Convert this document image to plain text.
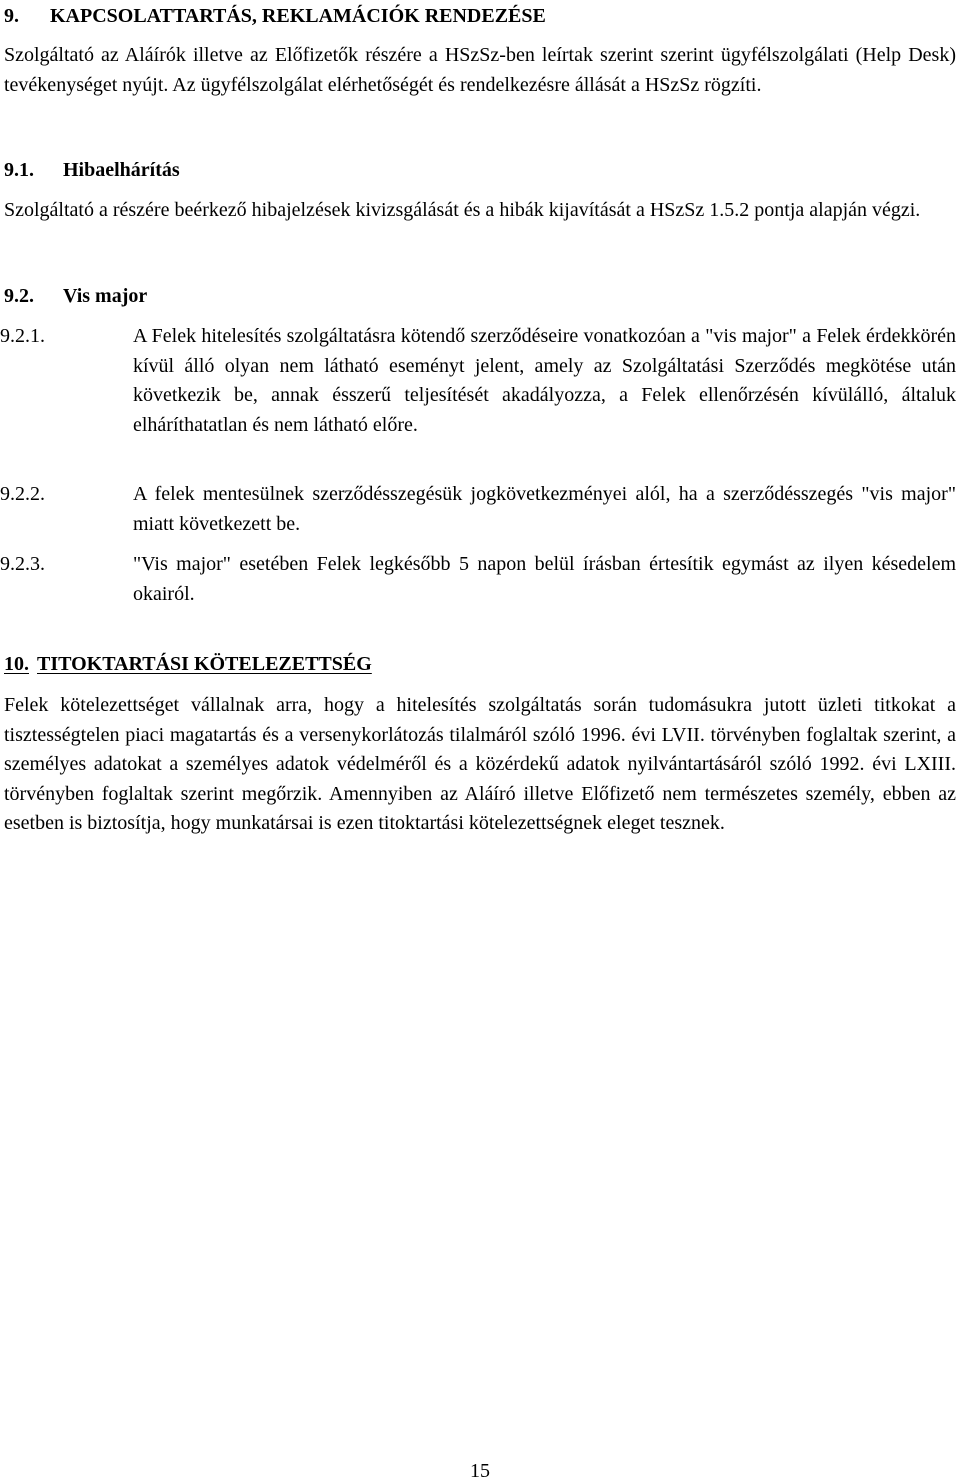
9. KAPCSOLATTARTÁS, REKLAMÁCIÓK RENDEZÉSE

Szolgáltató az Aláírók illetve az Előfizetők részére a HSzSz-ben leírtak szerint szerint ügyfélszolgálati (Help Desk) tevékenységet nyújt. Az ügyfélszolgálat elérhetőségét és rendelkezésre állását a HSzSz rögzíti.

9.1. Hibaelhárítás

Szolgáltató a részére beérkező hibajelzések kivizsgálását és a hibák kijavítását a HSzSz 1.5.2 pontja alapján végzi.

9.2. Vis major
9.2.1.	A Felek hitelesítés szolgáltatásra kötendő szerződéseire vonatkozóan a "vis major" a Felek érdekkörén kívül álló olyan nem látható eseményt jelent, amely az Szolgáltatási Szerződés megkötése után következik be, annak ésszerű teljesítését akadályozza, a Felek ellenőrzésén kívülálló, általuk elháríthatatlan és nem látható előre.

9.2.2.	A felek mentesülnek szerződésszegésük jogkövetkezményei alól, ha a szerződésszegés "vis major" miatt következett be.

9.2.3.	"Vis major" esetében Felek legkésőbb 5 napon belül írásban értesítik egymást az ilyen késedelem okairól.

10. TITOKTARTÁSI KÖTELEZETTSÉG

Felek kötelezettséget vállalnak arra, hogy a hitelesítés szolgáltatás során tudomásukra jutott üzleti titkokat a tisztességtelen piaci magatartás és a versenykorlátozás tilalmáról szóló 1996. évi LVII. törvényben foglaltak szerint, a személyes adatokat a személyes adatok védelméről és a közérdekű adatok nyilvántartásáról szóló 1992. évi LXIII. törvényben foglaltak szerint megőrzik. Amennyiben az Aláíró illetve Előfizető nem természetes személy, ebben az esetben is biztosítja, hogy munkatársai is ezen titoktartási kötelezettségnek eleget tesznek.

15
